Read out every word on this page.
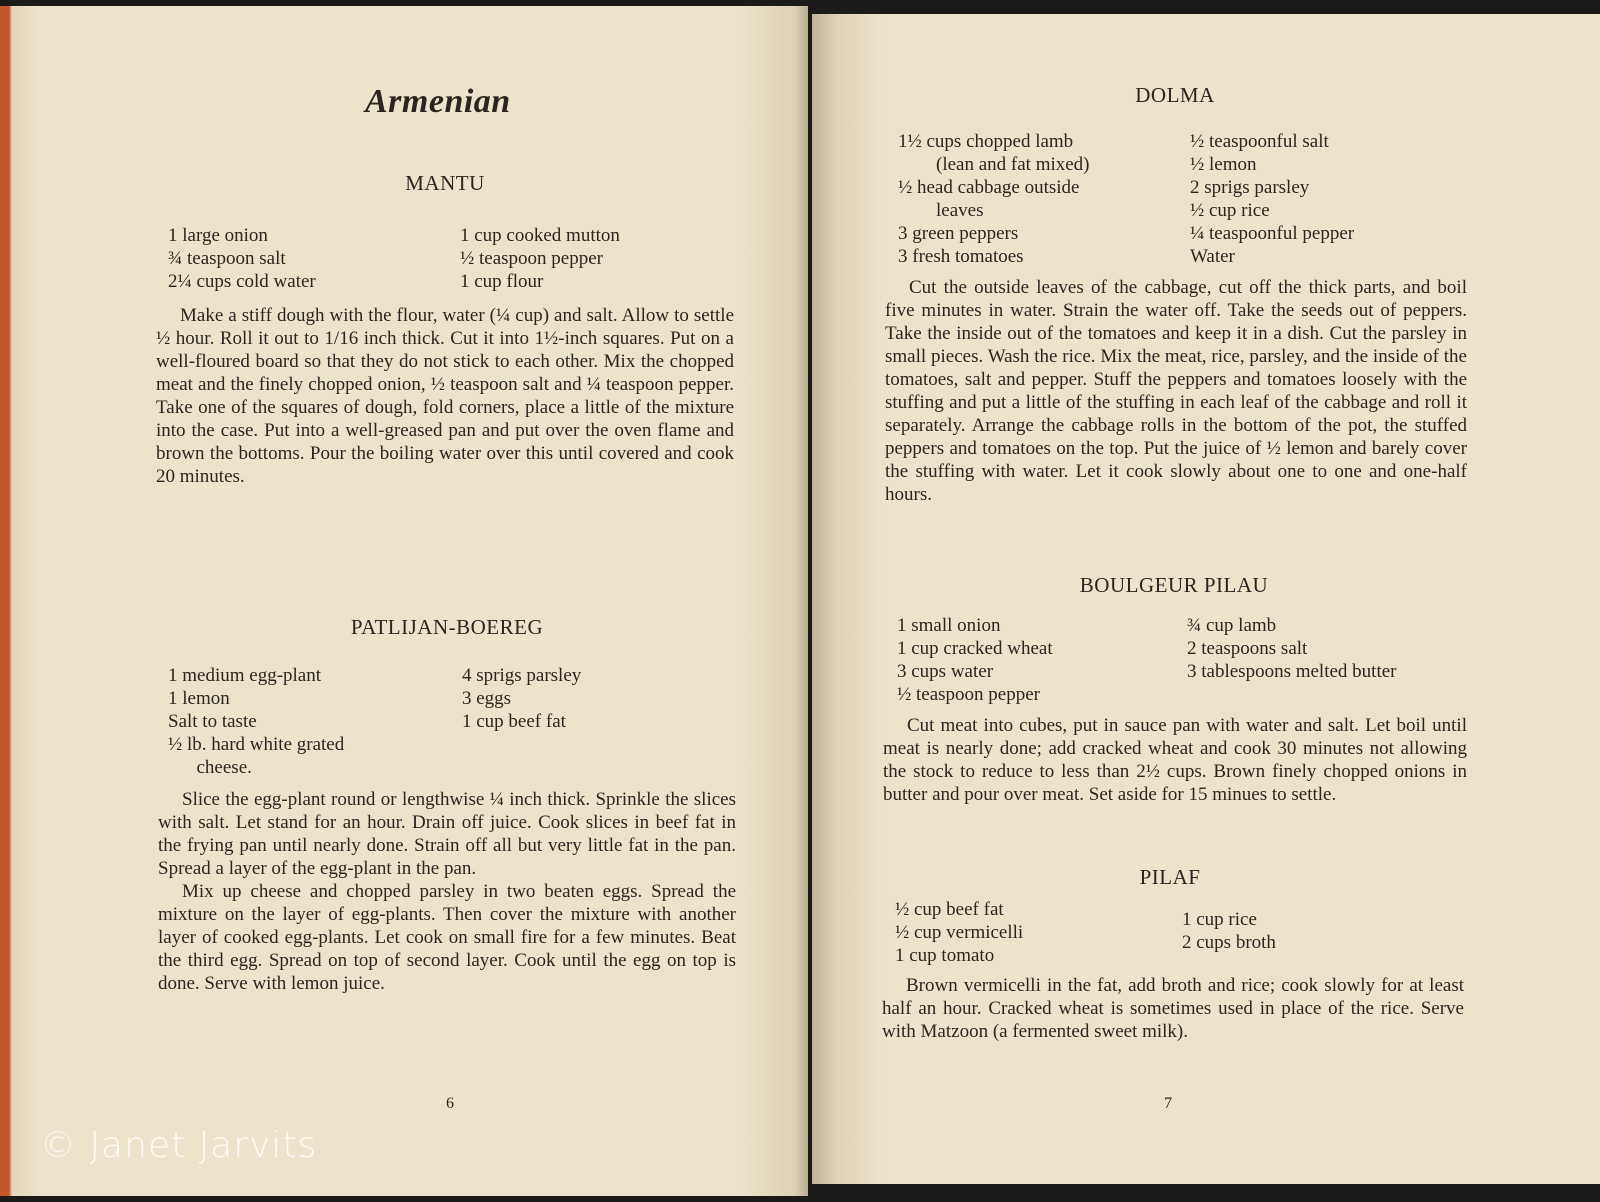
Armenian
MANTU
1 large onion
¾ teaspoon salt
2¼ cups cold water
1 cup cooked mutton
½ teaspoon pepper
1 cup flour
Make a stiff dough with the flour, water (¼ cup) and salt. Allow to settle ½ hour. Roll it out to 1/16 inch thick. Cut it into 1½-inch squares. Put on a well-floured board so that they do not stick to each other. Mix the chopped meat and the finely chopped onion, ½ teaspoon salt and ¼ teaspoon pepper. Take one of the squares of dough, fold corners, place a little of the mixture into the case. Put into a well-greased pan and put over the oven flame and brown the bottoms. Pour the boiling water over this until covered and cook 20 minutes.
PATLIJAN-BOEREG
1 medium egg-plant
1 lemon
Salt to taste
½ lb. hard white grated
cheese.
4 sprigs parsley
3 eggs
1 cup beef fat
Slice the egg-plant round or lengthwise ¼ inch thick. Sprinkle the slices with salt. Let stand for an hour. Drain off juice. Cook slices in beef fat in the frying pan until nearly done. Strain off all but very little fat in the pan. Spread a layer of the egg-plant in the pan.
Mix up cheese and chopped parsley in two beaten eggs. Spread the mixture on the layer of egg-plants. Then cover the mixture with another layer of cooked egg-plants. Let cook on small fire for a few minutes. Beat the third egg. Spread on top of second layer. Cook until the egg on top is done. Serve with lemon juice.
6
© Janet Jarvits
DOLMA
1½ cups chopped lamb
(lean and fat mixed)
½ head cabbage outside
leaves
3 green peppers
3 fresh tomatoes
½ teaspoonful salt
½ lemon
2 sprigs parsley
½ cup rice
¼ teaspoonful pepper
Water
Cut the outside leaves of the cabbage, cut off the thick parts, and boil five minutes in water. Strain the water off. Take the seeds out of peppers. Take the inside out of the tomatoes and keep it in a dish. Cut the parsley in small pieces. Wash the rice. Mix the meat, rice, parsley, and the inside of the tomatoes, salt and pepper. Stuff the peppers and tomatoes loosely with the stuffing and put a little of the stuffing in each leaf of the cabbage and roll it separately. Arrange the cabbage rolls in the bottom of the pot, the stuffed peppers and tomatoes on the top. Put the juice of ½ lemon and barely cover the stuffing with water. Let it cook slowly about one to one and one-half hours.
BOULGEUR PILAU
1 small onion
1 cup cracked wheat
3 cups water
½ teaspoon pepper
¾ cup lamb
2 teaspoons salt
3 tablespoons melted butter
Cut meat into cubes, put in sauce pan with water and salt. Let boil until meat is nearly done; add cracked wheat and cook 30 minutes not allowing the stock to reduce to less than 2½ cups. Brown finely chopped onions in butter and pour over meat. Set aside for 15 minues to settle.
PILAF
½ cup beef fat
½ cup vermicelli
1 cup tomato
1 cup rice
2 cups broth
Brown vermicelli in the fat, add broth and rice; cook slowly for at least half an hour. Cracked wheat is sometimes used in place of the rice. Serve with Matzoon (a fermented sweet milk).
7
